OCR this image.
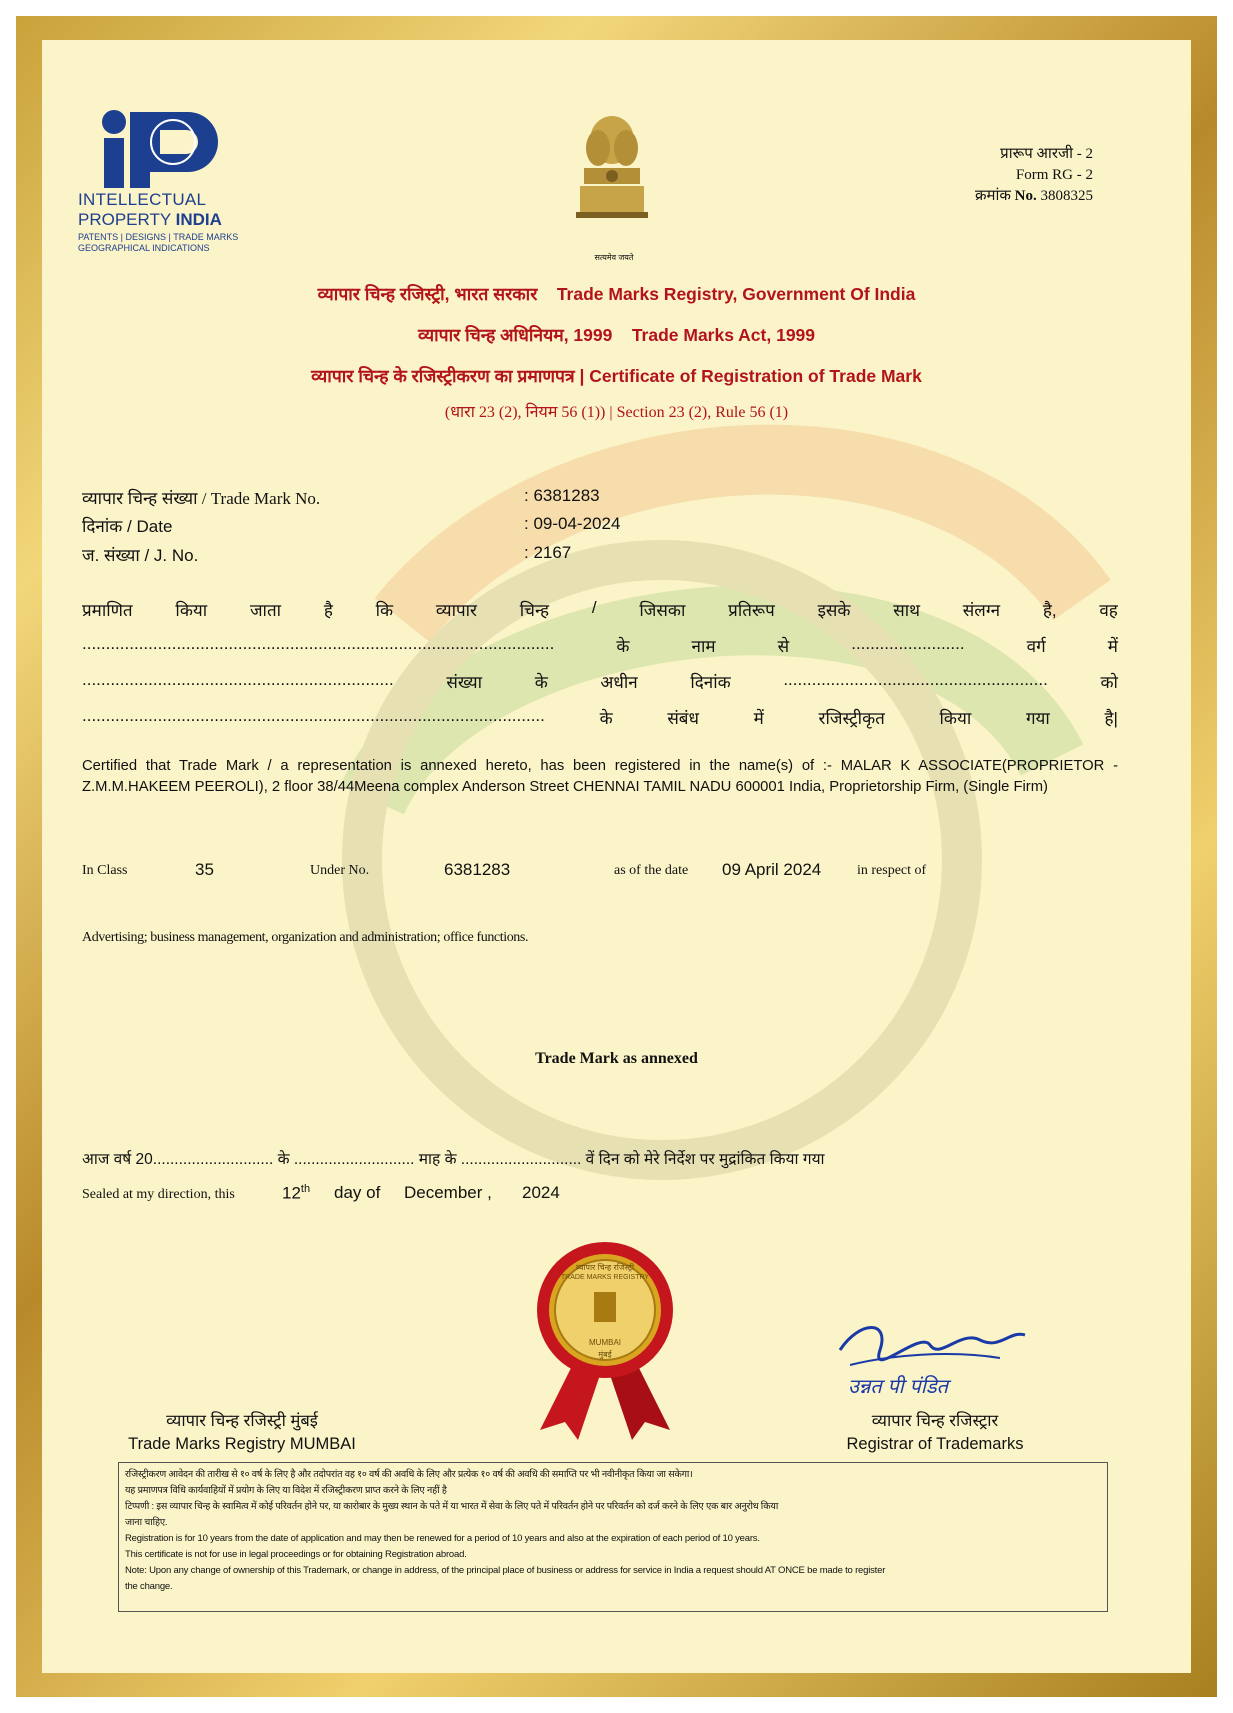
INTELLECTUAL
PROPERTY INDIA
PATENTS | DESIGNS | TRADE MARKS
GEOGRAPHICAL INDICATIONS
सत्यमेव जयते
प्रारूप आरजी - 2
Form RG - 2
क्रमांक No. 3808325
व्यापार चिन्ह रजिस्ट्री, भारत सरकार Trade Marks Registry, Government Of India
व्यापार चिन्ह अधिनियम, 1999 Trade Marks Act, 1999
व्यापार चिन्ह के रजिस्ट्रीकरण का प्रमाणपत्र | Certificate of Registration of Trade Mark
(धारा 23 (2), नियम 56 (1)) | Section 23 (2), Rule 56 (1)
व्यापार चिन्ह संख्या / Trade Mark No.	: 6381283
दिनांक / Date	: 09-04-2024
ज. संख्या / J. No.	: 2167
प्रमाणित	किया	जाता	है	कि	व्यापार	चिन्ह	/	जिसका	प्रतिरूप	इसके	साथ	संलग्न	है,	वह
....................................................................................................	के	नाम	से	........................	वर्ग	में
..................................................................	संख्या	के	अधीन	दिनांक	........................................................	को
..................................................................................................	के	संबंध	में	रजिस्ट्रीकृत	किया	गया	है|
Certified that Trade Mark / a representation is annexed hereto, has been registered in the name(s) of :- MALAR K ASSOCIATE(PROPRIETOR - Z.M.M.HAKEEM PEEROLI), 2 floor 38/44Meena complex Anderson Street CHENNAI TAMIL NADU 600001 India, Proprietorship Firm, (Single Firm)
In Class	35	Under No.	6381283	as of the date 09 April 2024	in respect of
Advertising; business management, organization and administration; office functions.
Trade Mark as annexed
आज वर्ष 20............................ के ............................ माह के ............................ वें दिन को मेरे निर्देश पर मुद्रांकित किया गया
Sealed at my direction, this	12th day of December , 2024
व्यापार चिन्ह रजिस्ट्री
TRADE MARKS REGISTRY
MUMBAI
मुंबई
उन्नत पी पंडित
व्यापार चिन्ह रजिस्ट्री मुंबई
Trade Marks Registry MUMBAI
व्यापार चिन्ह रजिस्ट्रार
Registrar of Trademarks
रजिस्ट्रीकरण आवेदन की तारीख से १० वर्ष के लिए है और तदोपरांत वह १० वर्ष की अवधि के लिए और प्रत्येक १० वर्ष की अवधि की समाप्ति पर भी नवीनीकृत किया जा सकेगा।
यह प्रमाणपत्र विधि कार्यवाहियों में प्रयोग के लिए या विदेश में रजिस्ट्रीकरण प्राप्त करने के लिए नहीं है
टिप्पणी : इस व्यापार चिन्ह के स्वामित्व में कोई परिवर्तन होने पर, या कारोबार के मुख्य स्थान के पते में या भारत में सेवा के लिए पते में परिवर्तन होने पर परिवर्तन को दर्ज करने के लिए एक बार अनुरोध किया
जाना चाहिए.
Registration is for 10 years from the date of application and may then be renewed for a period of 10 years and also at the expiration of each period of 10 years.
This certificate is not for use in legal proceedings or for obtaining Registration abroad.
Note: Upon any change of ownership of this Trademark, or change in address, of the principal place of business or address for service in India a request should AT ONCE be made to register
the change.
